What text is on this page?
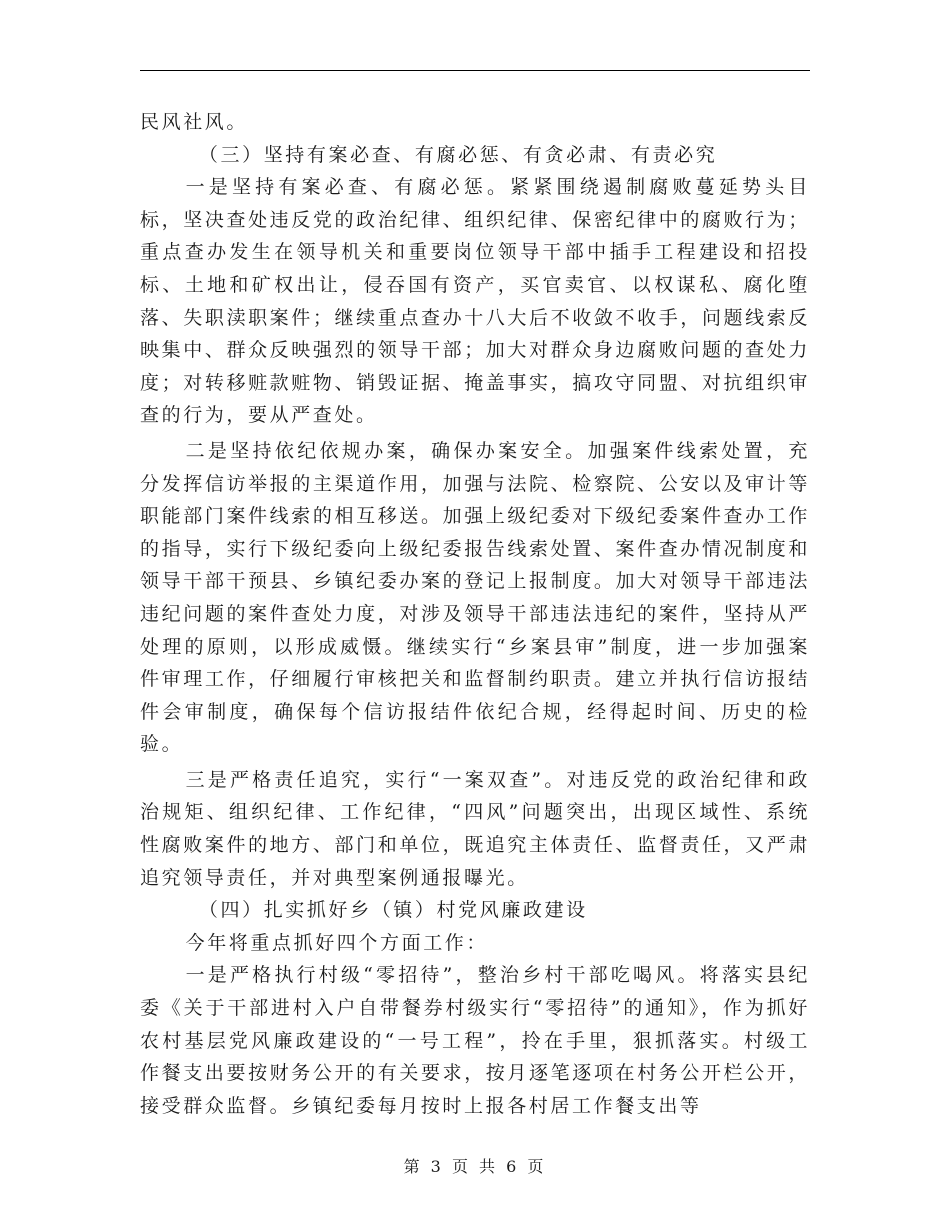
民风社风。

（三）坚持有案必查、有腐必惩、有贪必肃、有责必究

一是坚持有案必查、有腐必惩。紧紧围绕遏制腐败蔓延势头目标，坚决查处违反党的政治纪律、组织纪律、保密纪律中的腐败行为；重点查办发生在领导机关和重要岗位领导干部中插手工程建设和招投标、土地和矿权出让，侵吞国有资产，买官卖官、以权谋私、腐化堕落、失职渎职案件；继续重点查办十八大后不收敛不收手，问题线索反映集中、群众反映强烈的领导干部；加大对群众身边腐败问题的查处力度；对转移赃款赃物、销毁证据、掩盖事实，搞攻守同盟、对抗组织审查的行为，要从严查处。

二是坚持依纪依规办案，确保办案安全。加强案件线索处置，充分发挥信访举报的主渠道作用，加强与法院、检察院、公安以及审计等职能部门案件线索的相互移送。加强上级纪委对下级纪委案件查办工作的指导，实行下级纪委向上级纪委报告线索处置、案件查办情况制度和领导干部干预县、乡镇纪委办案的登记上报制度。加大对领导干部违法违纪问题的案件查处力度，对涉及领导干部违法违纪的案件，坚持从严处理的原则，以形成威慑。继续实行“乡案县审”制度，进一步加强案件审理工作，仔细履行审核把关和监督制约职责。建立并执行信访报结件会审制度，确保每个信访报结件依纪合规，经得起时间、历史的检验。

三是严格责任追究，实行“一案双查”。对违反党的政治纪律和政治规矩、组织纪律、工作纪律，“四风”问题突出，出现区域性、系统性腐败案件的地方、部门和单位，既追究主体责任、监督责任，又严肃追究领导责任，并对典型案例通报曝光。

（四）扎实抓好乡（镇）村党风廉政建设

今年将重点抓好四个方面工作：

一是严格执行村级“零招待”，整治乡村干部吃喝风。将落实县纪委《关于干部进村入户自带餐券村级实行“零招待”的通知》，作为抓好农村基层党风廉政建设的“一号工程”，拎在手里，狠抓落实。村级工作餐支出要按财务公开的有关要求，按月逐笔逐项在村务公开栏公开，接受群众监督。乡镇纪委每月按时上报各村居工作餐支出等

第 3 页 共 6 页
